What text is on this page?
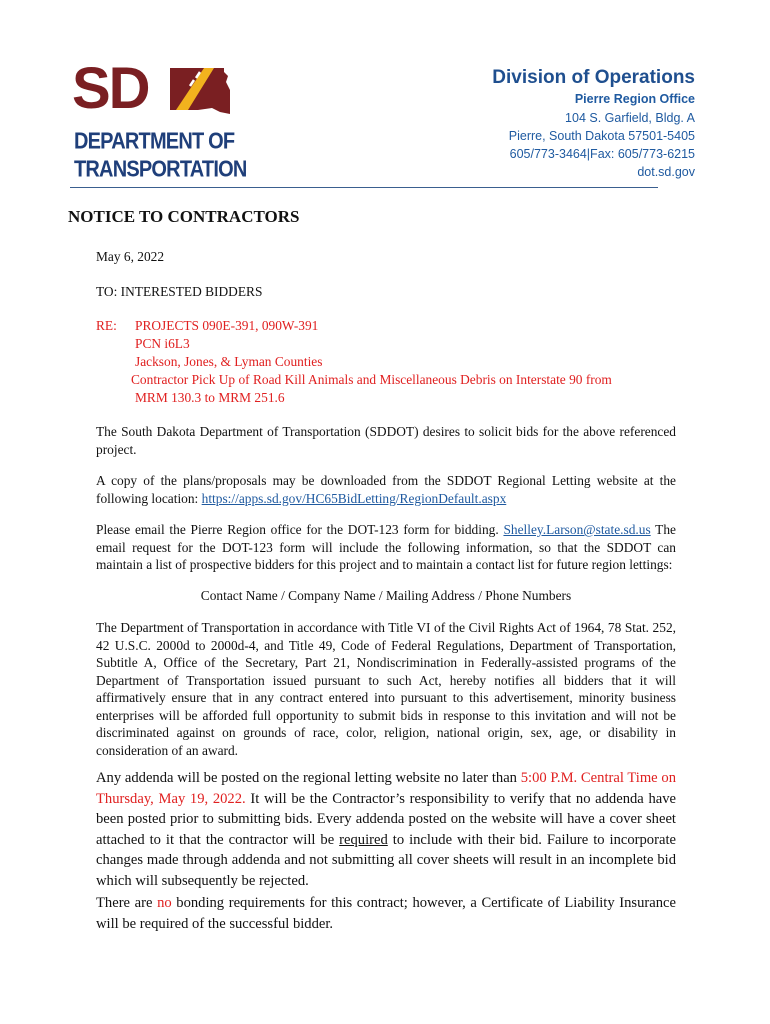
SD
DEPARTMENT OF
TRANSPORTATION
Division of Operations
Pierre Region Office
104 S. Garfield, Bldg. A
Pierre, South Dakota 57501-5405
605/773-3464|Fax: 605/773-6215
dot.sd.gov
NOTICE TO CONTRACTORS
May 6, 2022
TO: INTERESTED BIDDERS
RE: PROJECTS 090E-391, 090W-391
PCN i6L3
Jackson, Jones, & Lyman Counties
Contractor Pick Up of Road Kill Animals and Miscellaneous Debris on Interstate 90 from
MRM 130.3 to MRM 251.6
The South Dakota Department of Transportation (SDDOT) desires to solicit bids for the above referenced project.
A copy of the plans/proposals may be downloaded from the SDDOT Regional Letting website at the following location: https://apps.sd.gov/HC65BidLetting/RegionDefault.aspx
Please email the Pierre Region office for the DOT-123 form for bidding. Shelley.Larson@state.sd.us The email request for the DOT-123 form will include the following information, so that the SDDOT can maintain a list of prospective bidders for this project and to maintain a contact list for future region lettings:
Contact Name / Company Name / Mailing Address / Phone Numbers
The Department of Transportation in accordance with Title VI of the Civil Rights Act of 1964, 78 Stat. 252, 42 U.S.C. 2000d to 2000d-4, and Title 49, Code of Federal Regulations, Department of Transportation, Subtitle A, Office of the Secretary, Part 21, Nondiscrimination in Federally-assisted programs of the Department of Transportation issued pursuant to such Act, hereby notifies all bidders that it will affirmatively ensure that in any contract entered into pursuant to this advertisement, minority business enterprises will be afforded full opportunity to submit bids in response to this invitation and will not be discriminated against on grounds of race, color, religion, national origin, sex, age, or disability in consideration of an award.
Any addenda will be posted on the regional letting website no later than 5:00 P.M. Central Time on Thursday, May 19, 2022. It will be the Contractor’s responsibility to verify that no addenda have been posted prior to submitting bids. Every addenda posted on the website will have a cover sheet attached to it that the contractor will be required to include with their bid. Failure to incorporate changes made through addenda and not submitting all cover sheets will result in an incomplete bid which will subsequently be rejected.
There are no bonding requirements for this contract; however, a Certificate of Liability Insurance will be required of the successful bidder.
